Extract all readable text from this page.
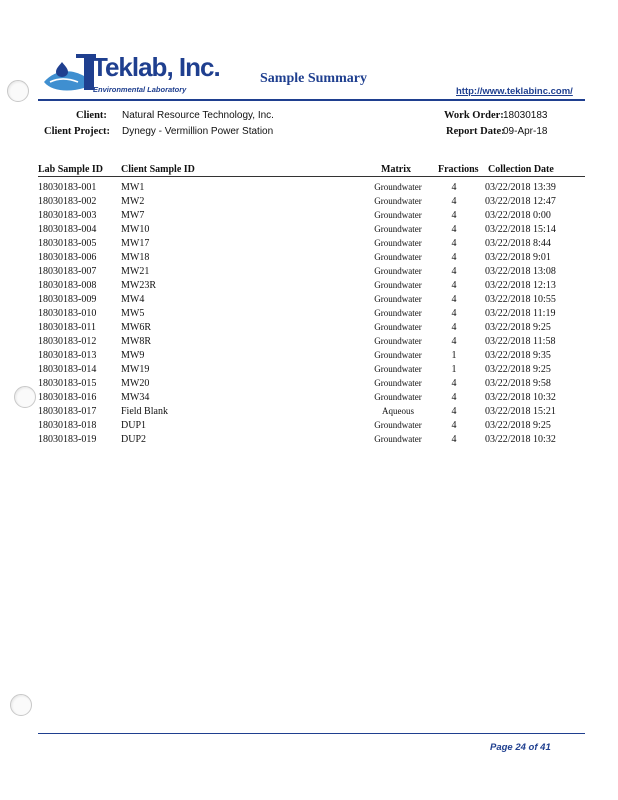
Teklab, Inc.
Environmental Laboratory
Sample Summary
http://www.teklabinc.com/
Client: Natural Resource Technology, Inc.
Client Project: Dynegy - Vermillion Power Station
Work Order: 18030183
Report Date:
09-Apr-18
Lab Sample ID Client Sample ID	Matrix	Fractions Collection Date
18030183-001 MW1	Groundwater	4	03/22/2018 13:39
18030183-002 MW2	Groundwater	4	03/22/2018 12:47
18030183-003 MW7	Groundwater	4	03/22/2018 0:00
18030183-004 MW10	Groundwater	4	03/22/2018 15:14
18030183-005 MW17	Groundwater	4	03/22/2018 8:44
18030183-006 MW18	Groundwater	4	03/22/2018 9:01
18030183-007 MW21	Groundwater	4	03/22/2018 13:08
18030183-008 MW23R	Groundwater	4	03/22/2018 12:13
18030183-009 MW4	Groundwater	4	03/22/2018 10:55
18030183-010 MW5	Groundwater	4	03/22/2018 11:19
18030183-011	MW6R	Groundwater	4	03/22/2018 9:25
18030183-012 MW8R	Groundwater	4	03/22/2018 11:58
18030183-013 MW9	Groundwater	1	03/22/2018 9:35
18030183-014 MW19	Groundwater	1	03/22/2018 9:25
18030183-015 MW20	Groundwater	4	03/22/2018 9:58
18030183-016 MW34	Groundwater	4	03/22/2018 10:32
18030183-017 Field Blank	Aqueous	4	03/22/2018 15:21
18030183-018 DUP1	Groundwater	4	03/22/2018 9:25
18030183-019 DUP2	Groundwater	4	03/22/2018 10:32
Page 24 of 41
